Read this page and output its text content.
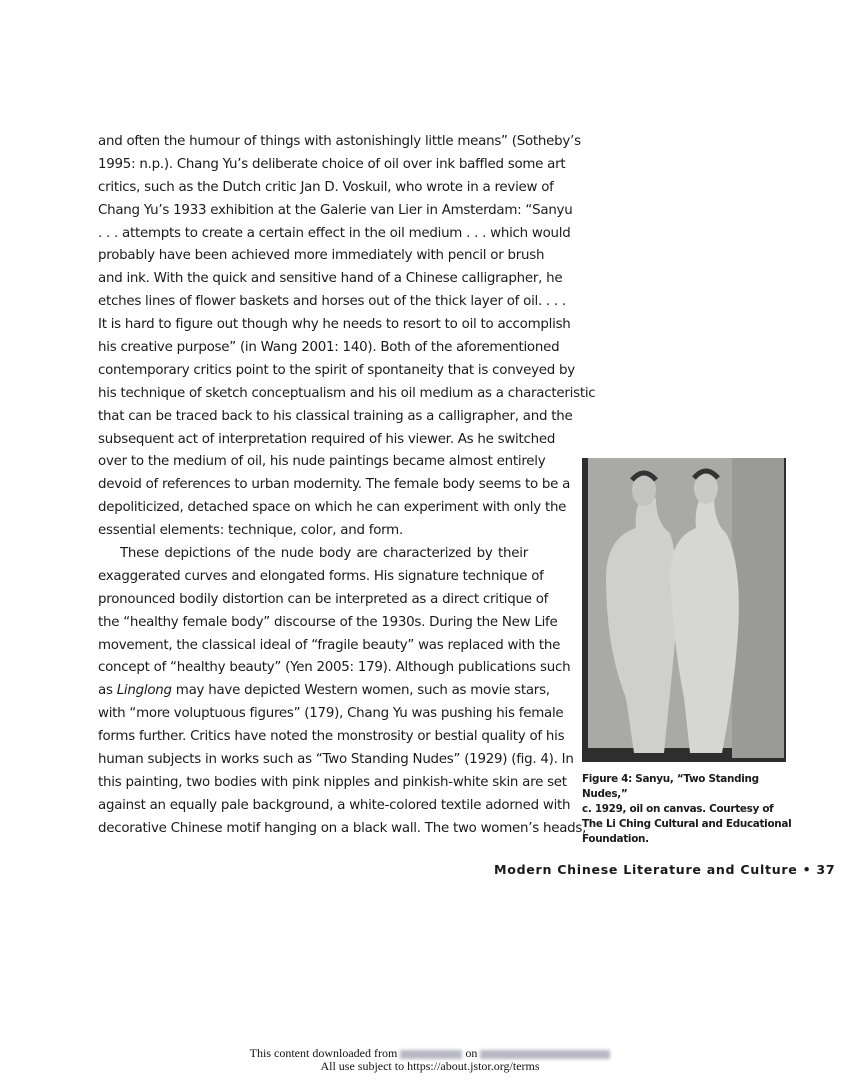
and often the humour of things with astonishingly little means” (Sotheby’s
1995: n.p.). Chang Yu’s deliberate choice of oil over ink baffled some art
critics, such as the Dutch critic Jan D. Voskuil, who wrote in a review of
Chang Yu’s 1933 exhibition at the Galerie van Lier in Amsterdam: “Sanyu
. . . attempts to create a certain effect in the oil medium . . . which would
probably have been achieved more immediately with pencil or brush
and ink. With the quick and sensitive hand of a Chinese calligrapher, he
etches lines of flower baskets and horses out of the thick layer of oil. . . .
It is hard to figure out though why he needs to resort to oil to accomplish
his creative purpose” (in Wang 2001: 140). Both of the aforementioned
contemporary critics point to the spirit of spontaneity that is conveyed by
his technique of sketch conceptualism and his oil medium as a characteristic
that can be traced back to his classical training as a calligrapher, and the
subsequent act of interpretation required of his viewer. As he switched
over to the medium of oil, his nude paintings became almost entirely
devoid of references to urban modernity. The female body seems to be a
depoliticized, detached space on which he can experiment with only the
essential elements: technique, color, and form.
These depictions of the nude body are characterized by their
exaggerated curves and elongated forms. His signature technique of
pronounced bodily distortion can be interpreted as a direct critique of
the “healthy female body” discourse of the 1930s. During the New Life
movement, the classical ideal of “fragile beauty” was replaced with the
concept of “healthy beauty” (Yen 2005: 179). Although publications such
as Linglong may have depicted Western women, such as movie stars,
with “more voluptuous figures” (179), Chang Yu was pushing his female
forms further. Critics have noted the monstrosity or bestial quality of his
human subjects in works such as “Two Standing Nudes” (1929) (fig. 4). In
this painting, two bodies with pink nipples and pinkish-white skin are set
against an equally pale background, a white-colored textile adorned with
decorative Chinese motif hanging on a black wall. The two women’s heads,
Figure 4: Sanyu, “Two Standing Nudes,”
c. 1929, oil on canvas. Courtesy of
The Li Ching Cultural and Educational
Foundation.
Modern Chinese Literature and Culture • 37
This content downloaded from	on
All use subject to https://about.jstor.org/terms
